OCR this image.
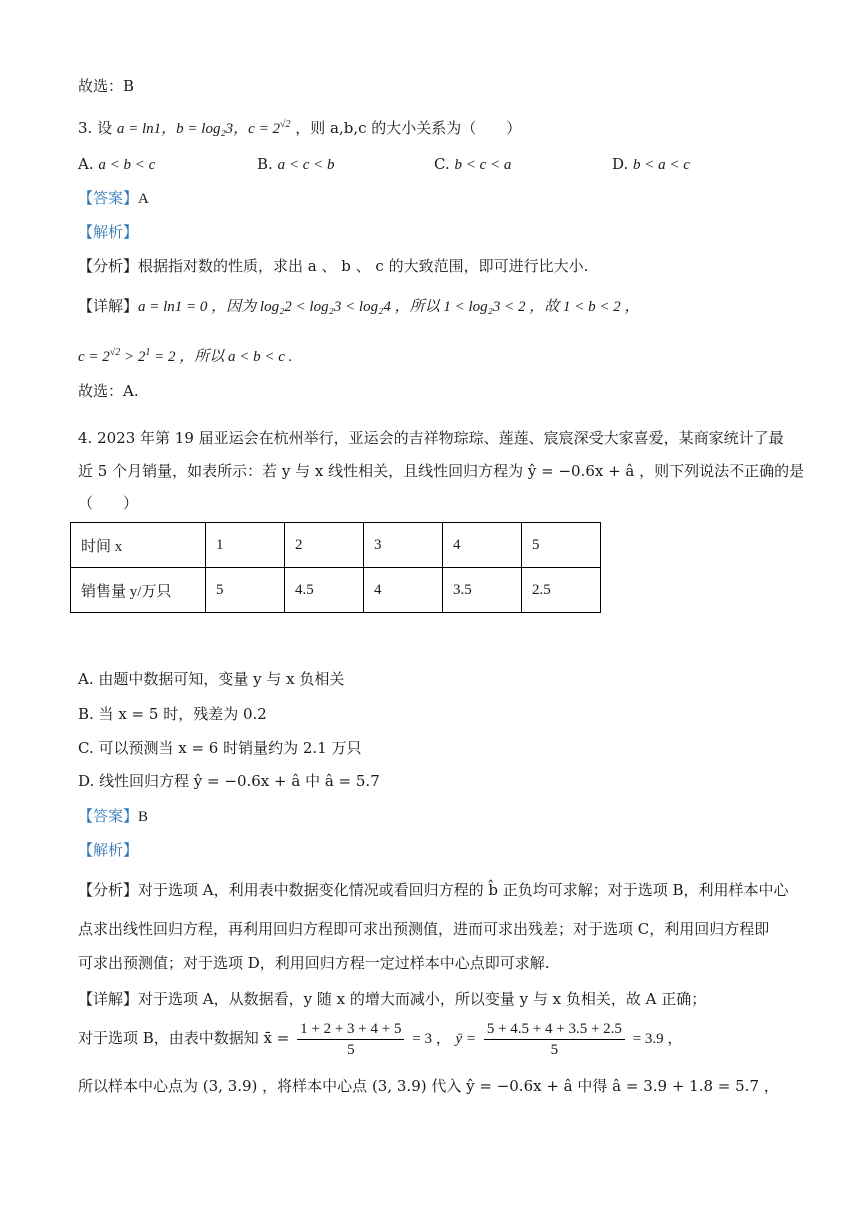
故选：B
3. 设 a = ln1，b = log₂3，$c = 2^{√2}$ ，则 a,b,c 的大小关系为（　　）
A. a < b < c	B. a < c < b	C. b < c < a	D. b < a < c
【答案】A
【解析】
【分析】根据指对数的性质，求出 a 、 b 、 c 的大致范围，即可进行比大小.
【详解】a = ln1 = 0 ，因为 log₂2 < log₂3 < log₂4 ，所以 1 < log₂3 < 2 ，故 1 < b < 2 ，
$c = 2^{√2} > 2^1 = 2$ ，所以 a < b < c .
故选：A.
4. 2023 年第 19 届亚运会在杭州举行，亚运会的吉祥物琮琮、莲莲、宸宸深受大家喜爱，某商家统计了最
近 5 个月销量，如表所示：若 y 与 x 线性相关，且线性回归方程为 ŷ = −0.6x + â ，则下列说法不正确的是
（　　）
时间 x	1	2	3	4	5
销售量 y/万只	5	4.5	4	3.5	2.5
A. 由题中数据可知，变量 y 与 x 负相关
B. 当 x = 5 时，残差为 0.2
C. 可以预测当 x = 6 时销量约为 2.1 万只
D. 线性回归方程 ŷ = −0.6x + â 中 â = 5.7
【答案】B
【解析】
【分析】对于选项 A，利用表中数据变化情况或看回归方程的 b̂ 正负均可求解；对于选项 B，利用样本中心
点求出线性回归方程，再利用回归方程即可求出预测值，进而可求出残差；对于选项 C，利用回归方程即
可求出预测值；对于选项 D，利用回归方程一定过样本中心点即可求解.
【详解】对于选项 A，从数据看，y 随 x 的增大而减小，所以变量 y 与 x 负相关，故 A 正确；
对于选项 B，由表中数据知 x̄ = $\frac{1 + 2 + 3 + 4 + 5}{5} = 3$ ， ȳ = $\frac{5 + 4.5 + 4 + 3.5 + 2.5}{5} = 3.9$ ，
所以样本中心点为 (3, 3.9) ，将样本中心点 (3, 3.9) 代入 ŷ = −0.6x + â 中得 â = 3.9 + 1.8 = 5.7 ，
